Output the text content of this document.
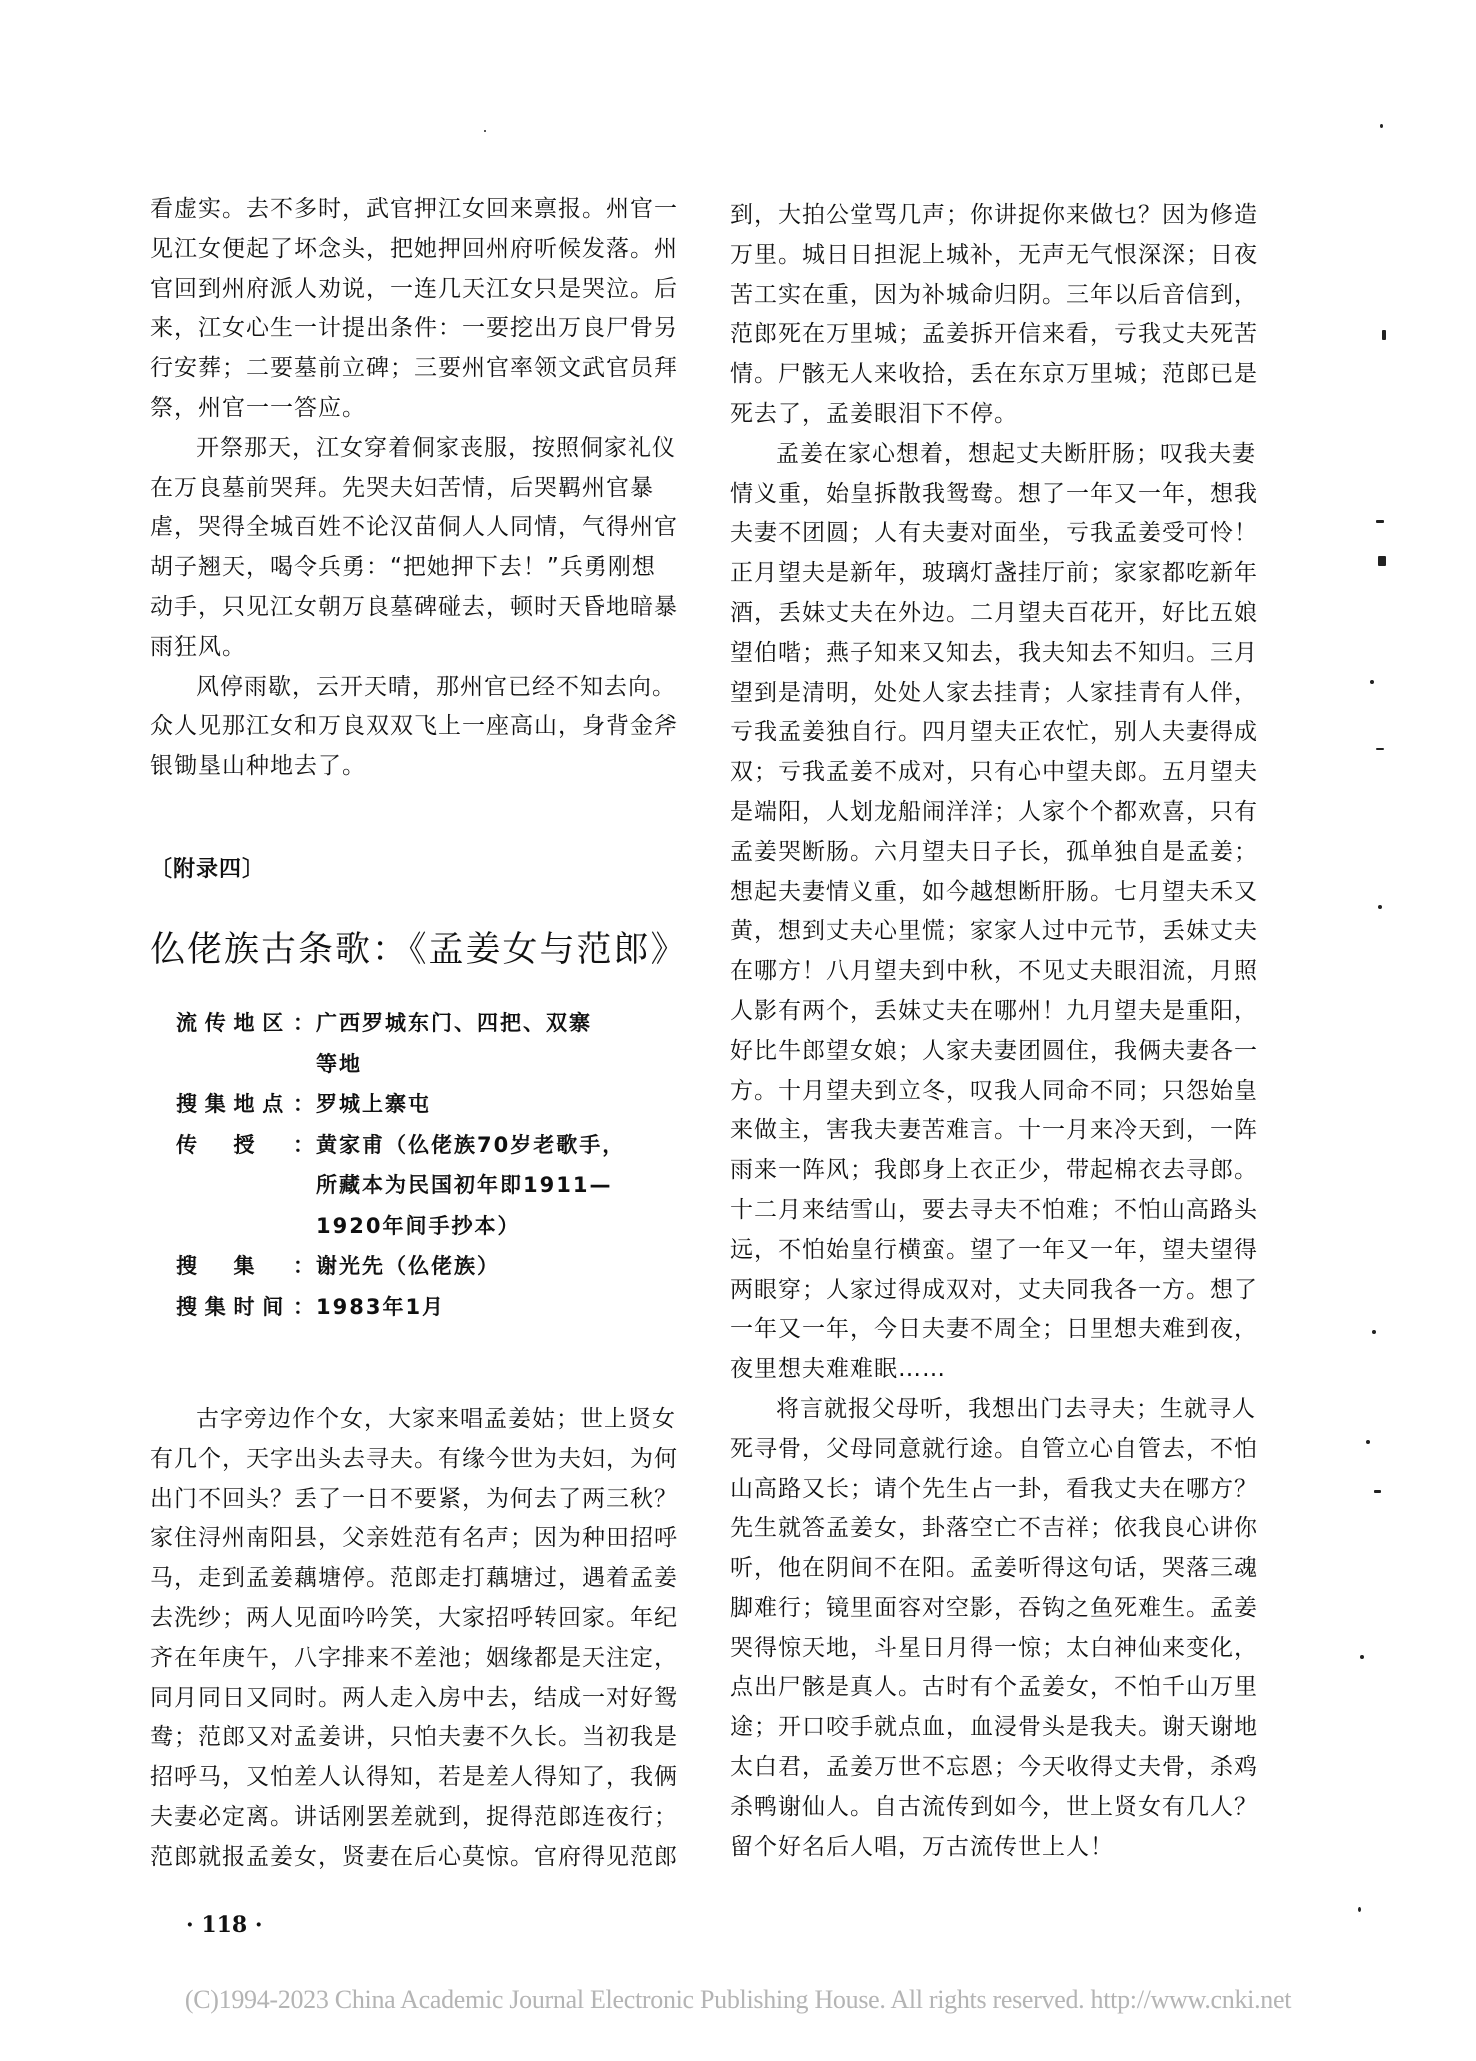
看虚实。去不多时，武官押江女回来禀报。州官一
见江女便起了坏念头，把她押回州府听候发落。州
官回到州府派人劝说，一连几天江女只是哭泣。后
来，江女心生一计提出条件：一要挖出万良尸骨另
行安葬；二要墓前立碑；三要州官率领文武官员拜
祭，州官一一答应。
开祭那天，江女穿着侗家丧服，按照侗家礼仪
在万良墓前哭拜。先哭夫妇苦情，后哭羁州官暴
虐，哭得全城百姓不论汉苗侗人人同情，气得州官
胡子翘天，喝令兵勇：“把她押下去！”兵勇刚想
动手，只见江女朝万良墓碑碰去，顿时天昏地暗暴
雨狂风。
风停雨歇，云开天晴，那州官已经不知去向。
众人见那江女和万良双双飞上一座高山，身背金斧
银锄垦山种地去了。
〔附录四〕
仫佬族古条歌：《孟姜女与范郎》
流 传 地 区 ： 广西罗城东门、四把、双寨
等地
搜 集 地 点 ： 罗城上寨屯
传 授 ： 黄家甫（仫佬族70岁老歌手，
所藏本为民国初年即1911—
1920年间手抄本）
搜 集 ： 谢光先（仫佬族）
搜 集 时 间 ： 1983年1月
古字旁边作个女，大家来唱孟姜姑；世上贤女
有几个，天字出头去寻夫。有缘今世为夫妇，为何
出门不回头？丢了一日不要紧，为何去了两三秋？
家住浔州南阳县，父亲姓范有名声；因为种田招呼
马，走到孟姜藕塘停。范郎走打藕塘过，遇着孟姜
去洗纱；两人见面吟吟笑，大家招呼转回家。年纪
齐在年庚午，八字排来不差池；姻缘都是天注定，
同月同日又同时。两人走入房中去，结成一对好鸳
鸯；范郎又对孟姜讲，只怕夫妻不久长。当初我是
招呼马，又怕差人认得知，若是差人得知了，我俩
夫妻必定离。讲话刚罢差就到，捉得范郎连夜行；
范郎就报孟姜女，贤妻在后心莫惊。官府得见范郎
到，大拍公堂骂几声；你讲捉你来做乜？因为修造
万里。城日日担泥上城补，无声无气恨深深；日夜
苦工实在重，因为补城命归阴。三年以后音信到，
范郎死在万里城；孟姜拆开信来看，亏我丈夫死苦
情。尸骸无人来收拾，丢在东京万里城；范郎已是
死去了，孟姜眼泪下不停。
孟姜在家心想着，想起丈夫断肝肠；叹我夫妻
情义重，始皇拆散我鸳鸯。想了一年又一年，想我
夫妻不团圆；人有夫妻对面坐，亏我孟姜受可怜！
正月望夫是新年，玻璃灯盏挂厅前；家家都吃新年
酒，丢妹丈夫在外边。二月望夫百花开，好比五娘
望伯喈；燕子知来又知去，我夫知去不知归。三月
望到是清明，处处人家去挂青；人家挂青有人伴，
亏我孟姜独自行。四月望夫正农忙，别人夫妻得成
双；亏我孟姜不成对，只有心中望夫郎。五月望夫
是端阳，人划龙船闹洋洋；人家个个都欢喜，只有
孟姜哭断肠。六月望夫日子长，孤单独自是孟姜；
想起夫妻情义重，如今越想断肝肠。七月望夫禾又
黄，想到丈夫心里慌；家家人过中元节，丢妹丈夫
在哪方！八月望夫到中秋，不见丈夫眼泪流，月照
人影有两个，丢妹丈夫在哪州！九月望夫是重阳，
好比牛郎望女娘；人家夫妻团圆住，我俩夫妻各一
方。十月望夫到立冬，叹我人同命不同；只怨始皇
来做主，害我夫妻苦难言。十一月来冷天到，一阵
雨来一阵风；我郎身上衣正少，带起棉衣去寻郎。
十二月来结雪山，要去寻夫不怕难；不怕山高路头
远，不怕始皇行横蛮。望了一年又一年，望夫望得
两眼穿；人家过得成双对，丈夫同我各一方。想了
一年又一年，今日夫妻不周全；日里想夫难到夜，
夜里想夫难难眠……
将言就报父母听，我想出门去寻夫；生就寻人
死寻骨，父母同意就行途。自管立心自管去，不怕
山高路又长；请个先生占一卦，看我丈夫在哪方？
先生就答孟姜女，卦落空亡不吉祥；依我良心讲你
听，他在阴间不在阳。孟姜听得这句话，哭落三魂
脚难行；镜里面容对空影，吞钩之鱼死难生。孟姜
哭得惊天地，斗星日月得一惊；太白神仙来变化，
点出尸骸是真人。古时有个孟姜女，不怕千山万里
途；开口咬手就点血，血浸骨头是我夫。谢天谢地
太白君，孟姜万世不忘恩；今天收得丈夫骨，杀鸡
杀鸭谢仙人。自古流传到如今，世上贤女有几人？
留个好名后人唱，万古流传世上人！
· 118 ·
(C)1994-2023 China Academic Journal Electronic Publishing House. All rights reserved. http://www.cnki.net
